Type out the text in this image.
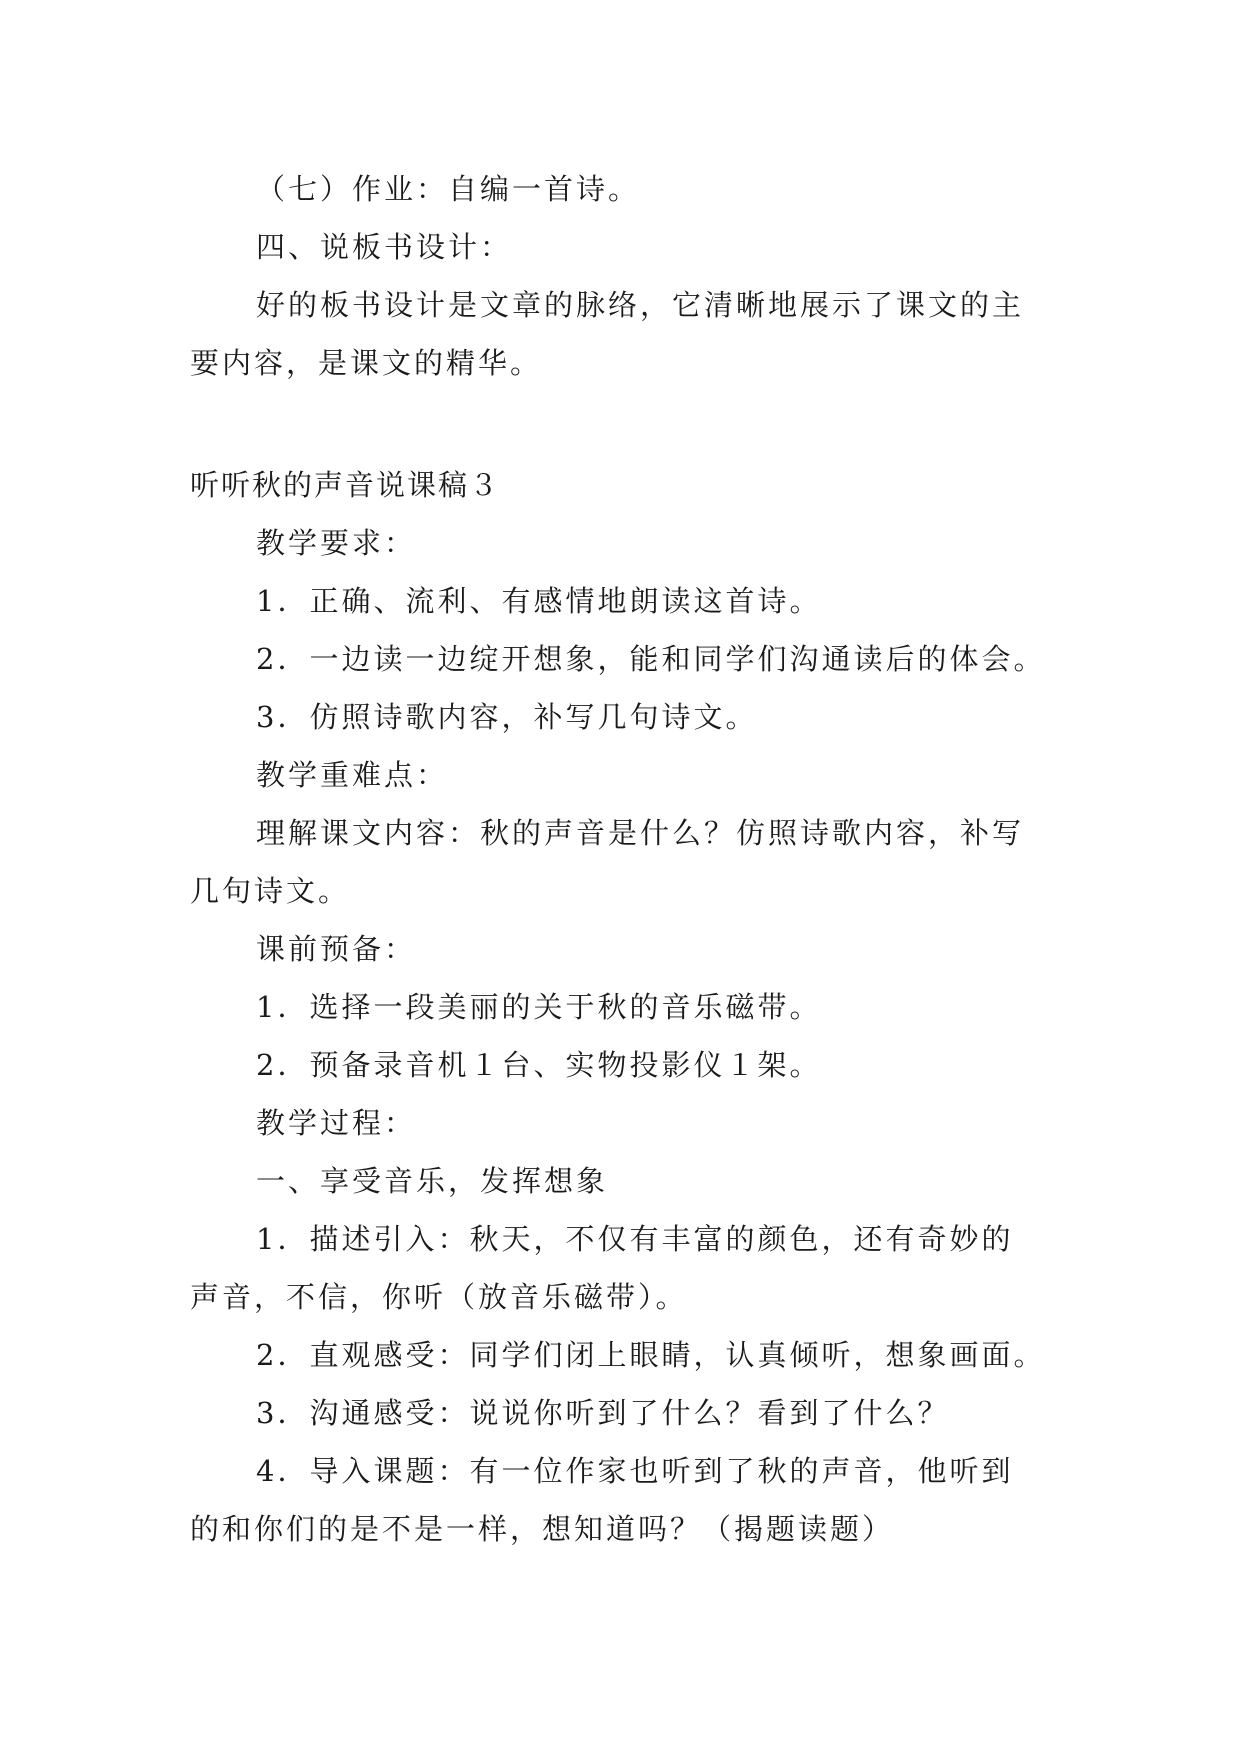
（七）作业：自编一首诗。
四、说板书设计：
好的板书设计是文章的脉络，它清晰地展示了课文的主
要内容，是课文的精华。
听听秋的声音说课稿３
教学要求：
1．正确、流利、有感情地朗读这首诗。
2．一边读一边绽开想象，能和同学们沟通读后的体会。
3．仿照诗歌内容，补写几句诗文。
教学重难点：
理解课文内容：秋的声音是什么？仿照诗歌内容，补写
几句诗文。
课前预备：
1．选择一段美丽的关于秋的音乐磁带。
2．预备录音机１台、实物投影仪１架。
教学过程：
一、享受音乐，发挥想象
1．描述引入：秋天，不仅有丰富的颜色，还有奇妙的
声音，不信，你听（放音乐磁带）。
2．直观感受：同学们闭上眼睛，认真倾听，想象画面。
3．沟通感受：说说你听到了什么？看到了什么？
4．导入课题：有一位作家也听到了秋的声音，他听到
的和你们的是不是一样，想知道吗？（揭题读题）
